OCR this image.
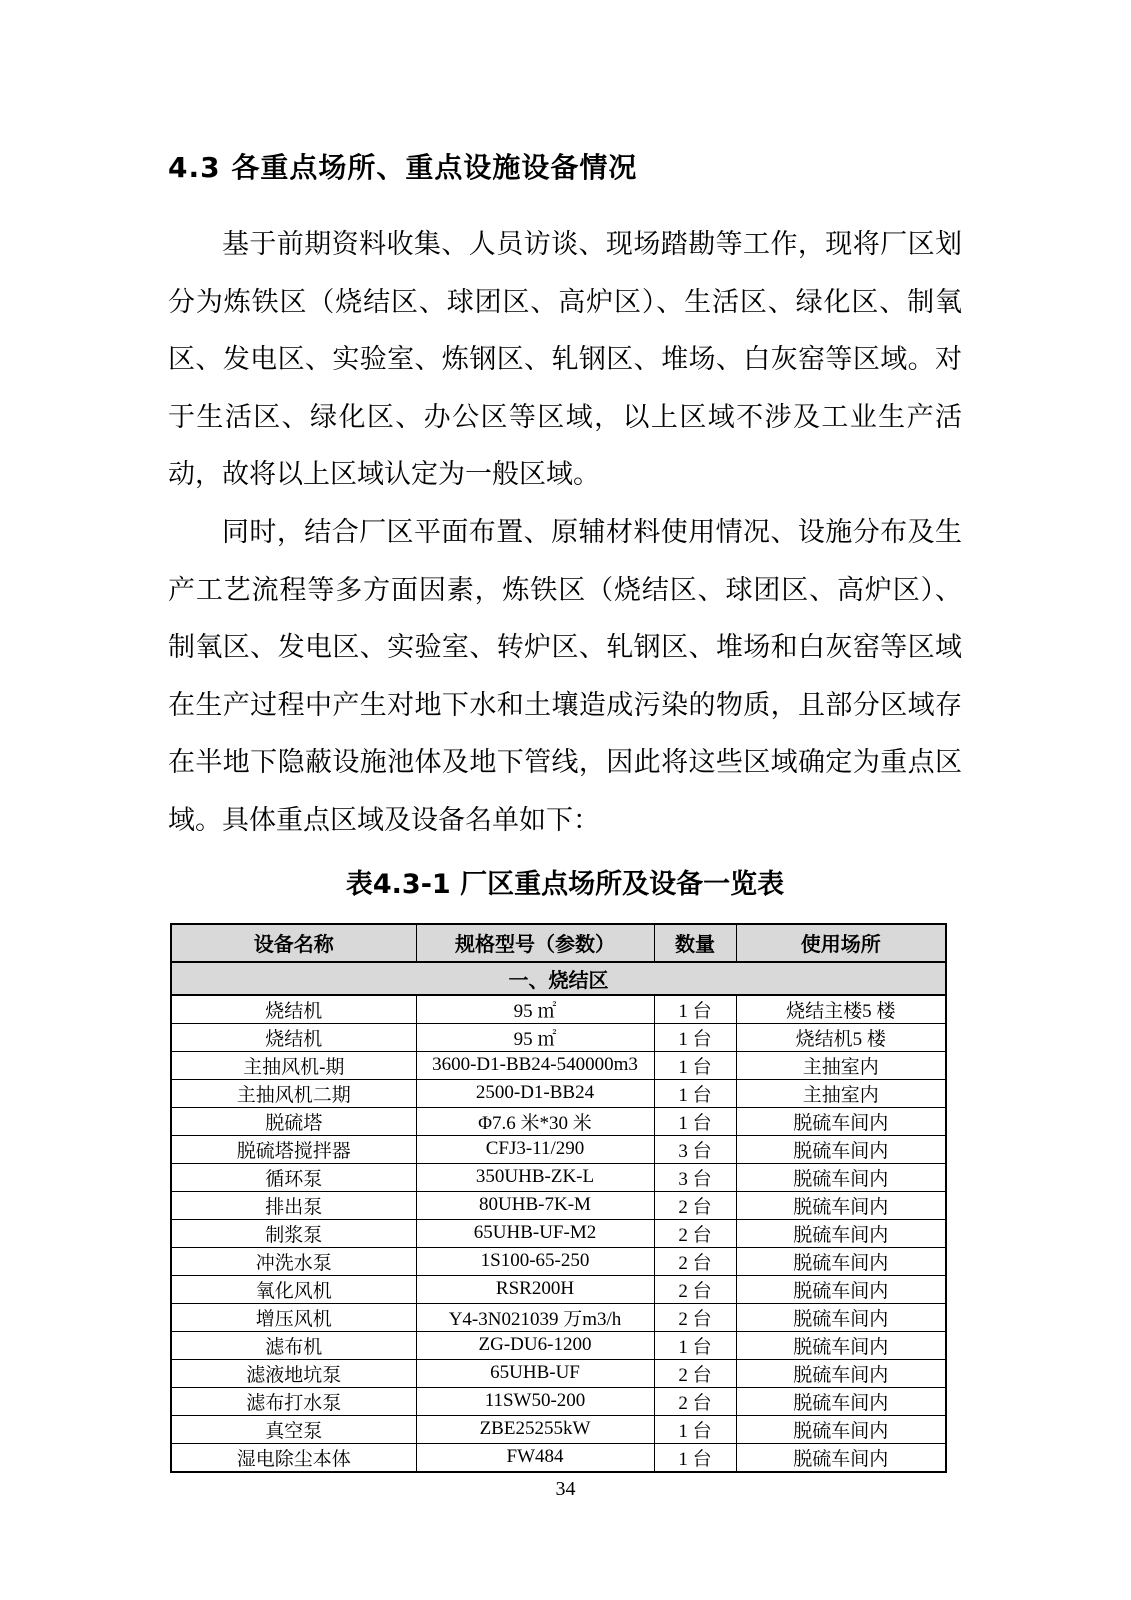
4.3 各重点场所、重点设施设备情况

基于前期资料收集、人员访谈、现场踏勘等工作，现将厂区划分为炼铁区（烧结区、球团区、高炉区）、生活区、绿化区、制氧区、发电区、实验室、炼钢区、轧钢区、堆场、白灰窑等区域。对于生活区、绿化区、办公区等区域，以上区域不涉及工业生产活动，故将以上区域认定为一般区域。

同时，结合厂区平面布置、原辅材料使用情况、设施分布及生产工艺流程等多方面因素，炼铁区（烧结区、球团区、高炉区）、制氧区、发电区、实验室、转炉区、轧钢区、堆场和白灰窑等区域在生产过程中产生对地下水和土壤造成污染的物质，且部分区域存在半地下隐蔽设施池体及地下管线，因此将这些区域确定为重点区域。具体重点区域及设备名单如下：

表4.3-1 厂区重点场所及设备一览表
设备名称	规格型号（参数）	数量	使用场所
一、烧结区			
烧结机	95 ㎡	1 台	烧结主楼5 楼
烧结机	95 ㎡	1 台	烧结机5 楼
主抽风机-期	3600-D1-BB24-540000m3	1 台	主抽室内
主抽风机二期	2500-D1-BB24	1 台	主抽室内
脱硫塔	Φ7.6 米*30 米	1 台	脱硫车间内
脱硫塔搅拌器	CFJ3-11/290	3 台	脱硫车间内
循环泵	350UHB-ZK-L	3 台	脱硫车间内
排出泵	80UHB-7K-M	2 台	脱硫车间内
制浆泵	65UHB-UF-M2	2 台	脱硫车间内
冲洗水泵	1S100-65-250	2 台	脱硫车间内
氧化风机	RSR200H	2 台	脱硫车间内
增压风机	Y4-3N021039 万m3/h	2 台	脱硫车间内
滤布机	ZG-DU6-1200	1 台	脱硫车间内
滤液地坑泵	65UHB-UF	2 台	脱硫车间内
滤布打水泵	11SW50-200	2 台	脱硫车间内
真空泵	ZBE25255kW	1 台	脱硫车间内
湿电除尘本体	FW484	1 台	脱硫车间内
34
